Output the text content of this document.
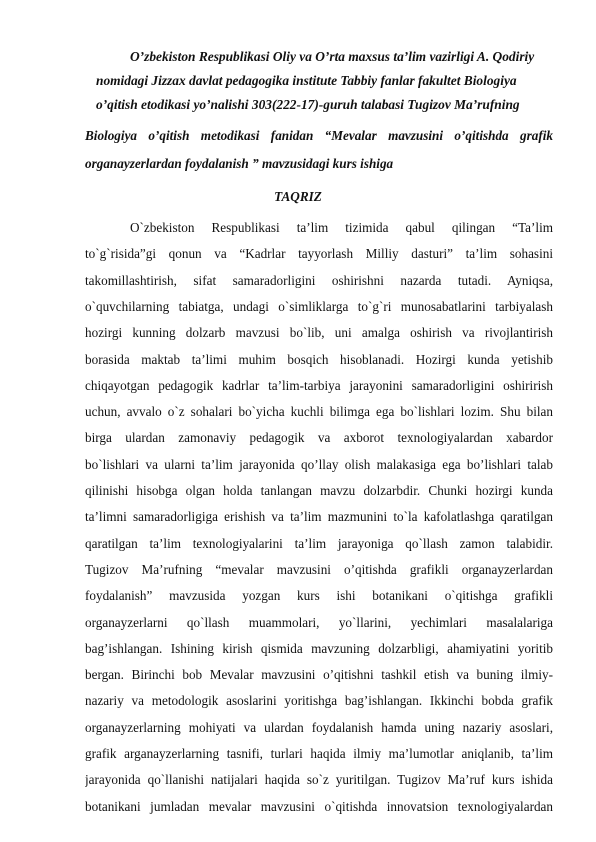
O’zbekiston Respublikasi Oliy va O’rta maxsus ta’lim vazirligi A. Qodiriy
nomidagi Jizzax davlat pedagogika institute Tabbiy fanlar fakultet Biologiya
o’qitish etodikasi yo’nalishi 303(222-17)-guruh talabasi Tugizov Ma’rufning
Biologiya o’qitish metodikasi fanidan “Mevalar mavzusini o’qitishda grafik
organayzerlardan foydalanish ” mavzusidagi kurs ishiga
TAQRIZ
O`zbekiston Respublikasi ta’lim tizimida qabul qilingan “Ta’lim
to`g`risida”gi qonun va “Kadrlar tayyorlash Milliy dasturi” ta’lim sohasini
takomillashtirish, sifat samaradorligini oshirishni nazarda tutadi. Ayniqsa,
o`quvchilarning tabiatga, undagi o`simliklarga to`g`ri munosabatlarini tarbiyalash
hozirgi kunning dolzarb mavzusi bo`lib, uni amalga oshirish va rivojlantirish
borasida maktab ta’limi muhim bosqich hisoblanadi. Hozirgi kunda yetishib
chiqayotgan pedagogik kadrlar ta’lim-tarbiya jarayonini samaradorligini oshirirish
uchun, avvalo o`z sohalari bo`yicha kuchli bilimga ega bo`lishlari lozim. Shu bilan
birga ulardan zamonaviy pedagogik va axborot texnologiyalardan xabardor
bo`lishlari va ularni ta’lim jarayonida qo’llay olish malakasiga ega bo’lishlari talab
qilinishi hisobga olgan holda tanlangan mavzu dolzarbdir. Chunki hozirgi kunda
ta’limni samaradorligiga erishish va ta’lim mazmunini to`la kafolatlashga qaratilgan
qaratilgan ta’lim texnologiyalarini ta’lim jarayoniga qo`llash zamon talabidir.
Tugizov Ma’rufning “mevalar mavzusini o’qitishda grafikli organayzerlardan
foydalanish” mavzusida yozgan kurs ishi botanikani o`qitishga grafikli
organayzerlarni qo`llash muammolari, yo`llarini, yechimlari masalalariga
bag’ishlangan. Ishining kirish qismida mavzuning dolzarbligi, ahamiyatini yoritib
bergan. Birinchi bob Mevalar mavzusini o’qitishni tashkil etish va buning ilmiy-
nazariy va metodologik asoslarini yoritishga bag’ishlangan. Ikkinchi bobda grafik
organayzerlarning mohiyati va ulardan foydalanish hamda uning nazariy asoslari,
grafik arganayzerlarning tasnifi, turlari haqida ilmiy ma’lumotlar aniqlanib, ta’lim
jarayonida qo`llanishi natijalari haqida so`z yuritilgan. Tugizov Ma’ruf kurs ishida
botanikani jumladan mevalar mavzusini o`qitishda innovatsion texnologiyalardan
